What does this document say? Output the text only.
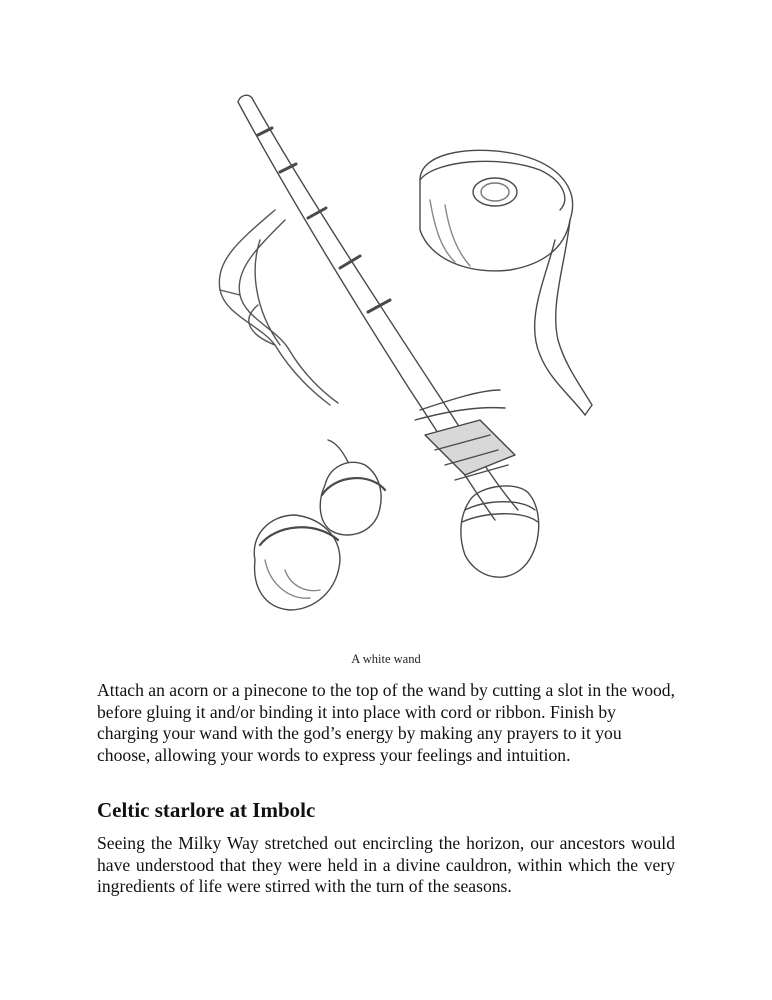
A white wand

Attach an acorn or a pinecone to the top of the wand by cutting a slot in the wood, before gluing it and/or binding it into place with cord or ribbon. Finish by charging your wand with the god’s energy by making any prayers to it you choose, allowing your words to express your feelings and intuition.

Celtic starlore at Imbolc

Seeing the Milky Way stretched out encircling the horizon, our ancestors would have understood that they were held in a divine cauldron, within which the very ingredients of life were stirred with the turn of the seasons.
